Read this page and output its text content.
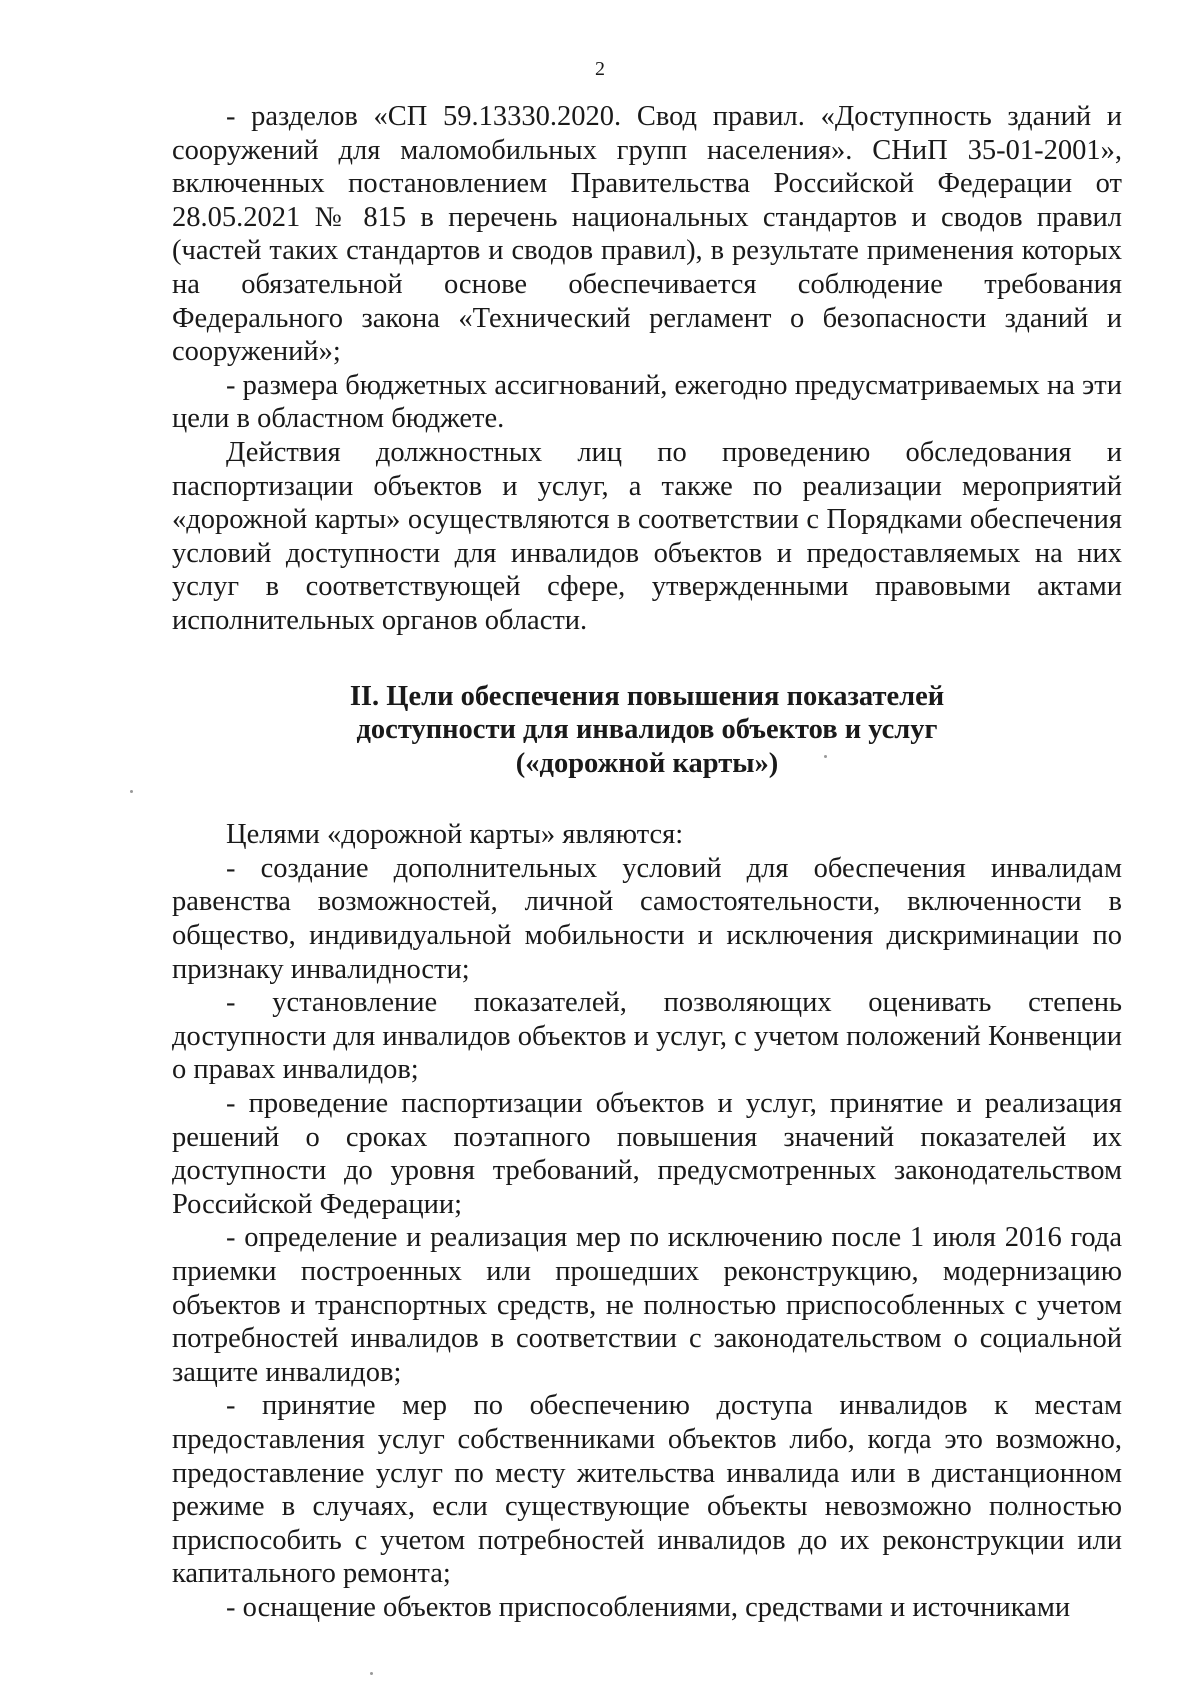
2

- разделов «СП 59.13330.2020. Свод правил. «Доступность зданий и сооружений для маломобильных групп населения». СНиП 35-01-2001», включенных постановлением Правительства Российской Федерации от 28.05.2021 № 815 в перечень национальных стандартов и сводов правил (частей таких стандартов и сводов правил), в результате применения которых на обязательной основе обеспечивается соблюдение требования Федерального закона «Технический регламент о безопасности зданий и сооружений»;

- размера бюджетных ассигнований, ежегодно предусматриваемых на эти цели в областном бюджете.

Действия должностных лиц по проведению обследования и паспортизации объектов и услуг, а также по реализации мероприятий «дорожной карты» осуществляются в соответствии с Порядками обеспечения условий доступности для инвалидов объектов и предоставляемых на них услуг в соответствующей сфере, утвержденными правовыми актами исполнительных органов области.

II. Цели обеспечения повышения показателей
доступности для инвалидов объектов и услуг
(«дорожной карты»)

Целями «дорожной карты» являются:

- создание дополнительных условий для обеспечения инвалидам равенства возможностей, личной самостоятельности, включенности в общество, индивидуальной мобильности и исключения дискриминации по признаку инвалидности;

- установление показателей, позволяющих оценивать степень доступности для инвалидов объектов и услуг, с учетом положений Конвенции о правах инвалидов;

- проведение паспортизации объектов и услуг, принятие и реализация решений о сроках поэтапного повышения значений показателей их доступности до уровня требований, предусмотренных законодательством Российской Федерации;

- определение и реализация мер по исключению после 1 июля 2016 года приемки построенных или прошедших реконструкцию, модернизацию объектов и транспортных средств, не полностью приспособленных с учетом потребностей инвалидов в соответствии с законодательством о социальной защите инвалидов;

- принятие мер по обеспечению доступа инвалидов к местам предоставления услуг собственниками объектов либо, когда это возможно, предоставление услуг по месту жительства инвалида или в дистанционном режиме в случаях, если существующие объекты невозможно полностью приспособить с учетом потребностей инвалидов до их реконструкции или капитального ремонта;

- оснащение объектов приспособлениями, средствами и источниками
